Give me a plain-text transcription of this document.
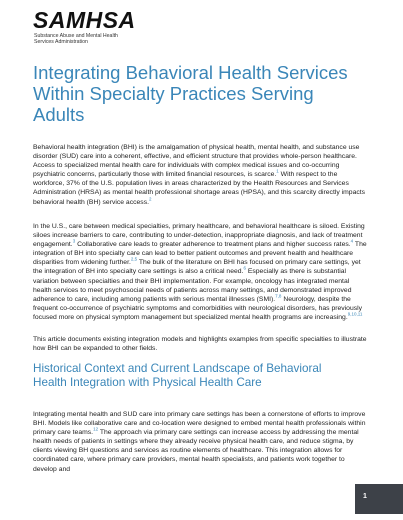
SAMHSA
Substance Abuse and Mental Health
Services Administration
Integrating Behavioral Health Services
Within Specialty Practices Serving
Adults

Behavioral health integration (BHI) is the amalgamation of physical health, mental health, and substance use disorder (SUD) care into a coherent, effective, and efficient structure that provides whole-person healthcare. Access to specialized mental health care for individuals with complex medical issues and co-occurring psychiatric concerns, particularly those with limited financial resources, is scarce.$^1$ With respect to the workforce, 37% of the U.S. population lives in areas characterized by the Health Resources and Services Administration (HRSA) as mental health professional shortage areas (HPSA), and this scarcity directly impacts behavioral health (BH) service access.$^2$

In the U.S., care between medical specialties, primary healthcare, and behavioral healthcare is siloed. Existing siloes increase barriers to care, contributing to under-detection, inappropriate diagnosis, and lack of treatment engagement.$^3$ Collaborative care leads to greater adherence to treatment plans and higher success rates.$^4$ The integration of BH into specialty care can lead to better patient outcomes and prevent health and healthcare disparities from widening further.$^{2,5}$ The bulk of the literature on BHI has focused on primary care settings, yet the integration of BH into specialty care settings is also a critical need.$^6$ Especially as there is substantial variation between specialties and their BHI implementation. For example, oncology has integrated mental health services to meet psychosocial needs of patients across many settings, and demonstrated improved adherence to care, including among patients with serious mental illnesses (SMI).$^{7,8}$ Neurology, despite the frequent co-occurrence of psychiatric symptoms and comorbidities with neurological disorders, has previously focused more on physical symptom management but specialized mental health programs are increasing.$^{9,10,11}$

This article documents existing integration models and highlights examples from specific specialties to illustrate how BHI can be expanded to other fields.

Historical Context and Current Landscape of Behavioral
Health Integration with Physical Health Care

Integrating mental health and SUD care into primary care settings has been a cornerstone of efforts to improve BHI. Models like collaborative care and co-location were designed to embed mental health professionals within primary care teams.$^{12}$ The approach via primary care settings can increase access by addressing the mental health needs of patients in settings where they already receive physical health care, and reduce stigma, by clients viewing BH questions and services as routine elements of healthcare. This integration allows for coordinated care, where primary care providers, mental health specialists, and patients work together to develop and

1
